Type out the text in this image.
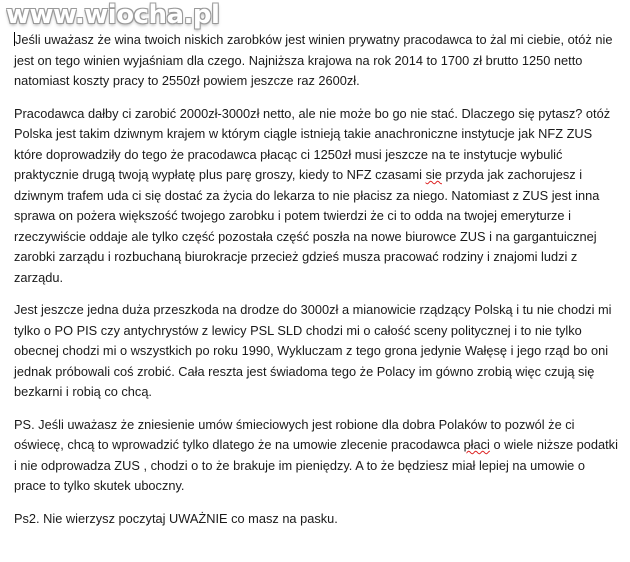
www.wiocha.pl

Jeśli uważasz że wina twoich niskich zarobków jest winien prywatny pracodawca to żal mi ciebie, otóż nie jest on tego winien wyjaśniam dla czego. Najniższa krajowa na rok 2014 to 1700 zł brutto 1250 netto natomiast koszty pracy to 2550zł powiem jeszcze raz 2600zł.

Pracodawca dałby ci zarobić 2000zł-3000zł netto, ale nie może bo go nie stać. Dlaczego się pytasz? otóż Polska jest takim dziwnym krajem w którym ciągle istnieją takie anachroniczne instytucje jak NFZ ZUS które doprowadziły do tego że pracodawca płacąc ci 1250zł musi jeszcze na te instytucje wybulić praktycznie drugą twoją wypłatę plus parę groszy, kiedy to NFZ czasami sie przyda jak zachorujesz i dziwnym trafem uda ci się dostać za życia do lekarza to nie płacisz za niego. Natomiast z ZUS jest inna sprawa on pożera większość twojego zarobku i potem twierdzi że ci to odda na twojej emeryturze i rzeczywiście oddaje ale tylko część pozostała część poszła na nowe biurowce ZUS i na gargantuicznej zarobki zarządu i rozbuchaną biurokracje przecież gdzieś musza pracować rodziny i znajomi ludzi z zarządu.

Jest jeszcze jedna duża przeszkoda na drodze do 3000zł a mianowicie rządzący Polską i tu nie chodzi mi tylko o PO PIS czy antychrystów z lewicy PSL SLD chodzi mi o całość sceny politycznej i to nie tylko obecnej chodzi mi o wszystkich po roku 1990, Wykluczam z tego grona jedynie Wałęsę i jego rząd bo oni jednak próbowali coś zrobić. Cała reszta jest świadoma tego że Polacy im gówno zrobią więc czują się bezkarni i robią co chcą.

PS. Jeśli uważasz że zniesienie umów śmieciowych jest robione dla dobra Polaków to pozwól że ci oświecę, chcą to wprowadzić tylko dlatego że na umowie zlecenie pracodawca płaci o wiele niższe podatki i nie odprowadza ZUS , chodzi o to że brakuje im pieniędzy. A to że będziesz miał lepiej na umowie o prace to tylko skutek uboczny.

Ps2. Nie wierzysz poczytaj UWAŻNIE co masz na pasku.
